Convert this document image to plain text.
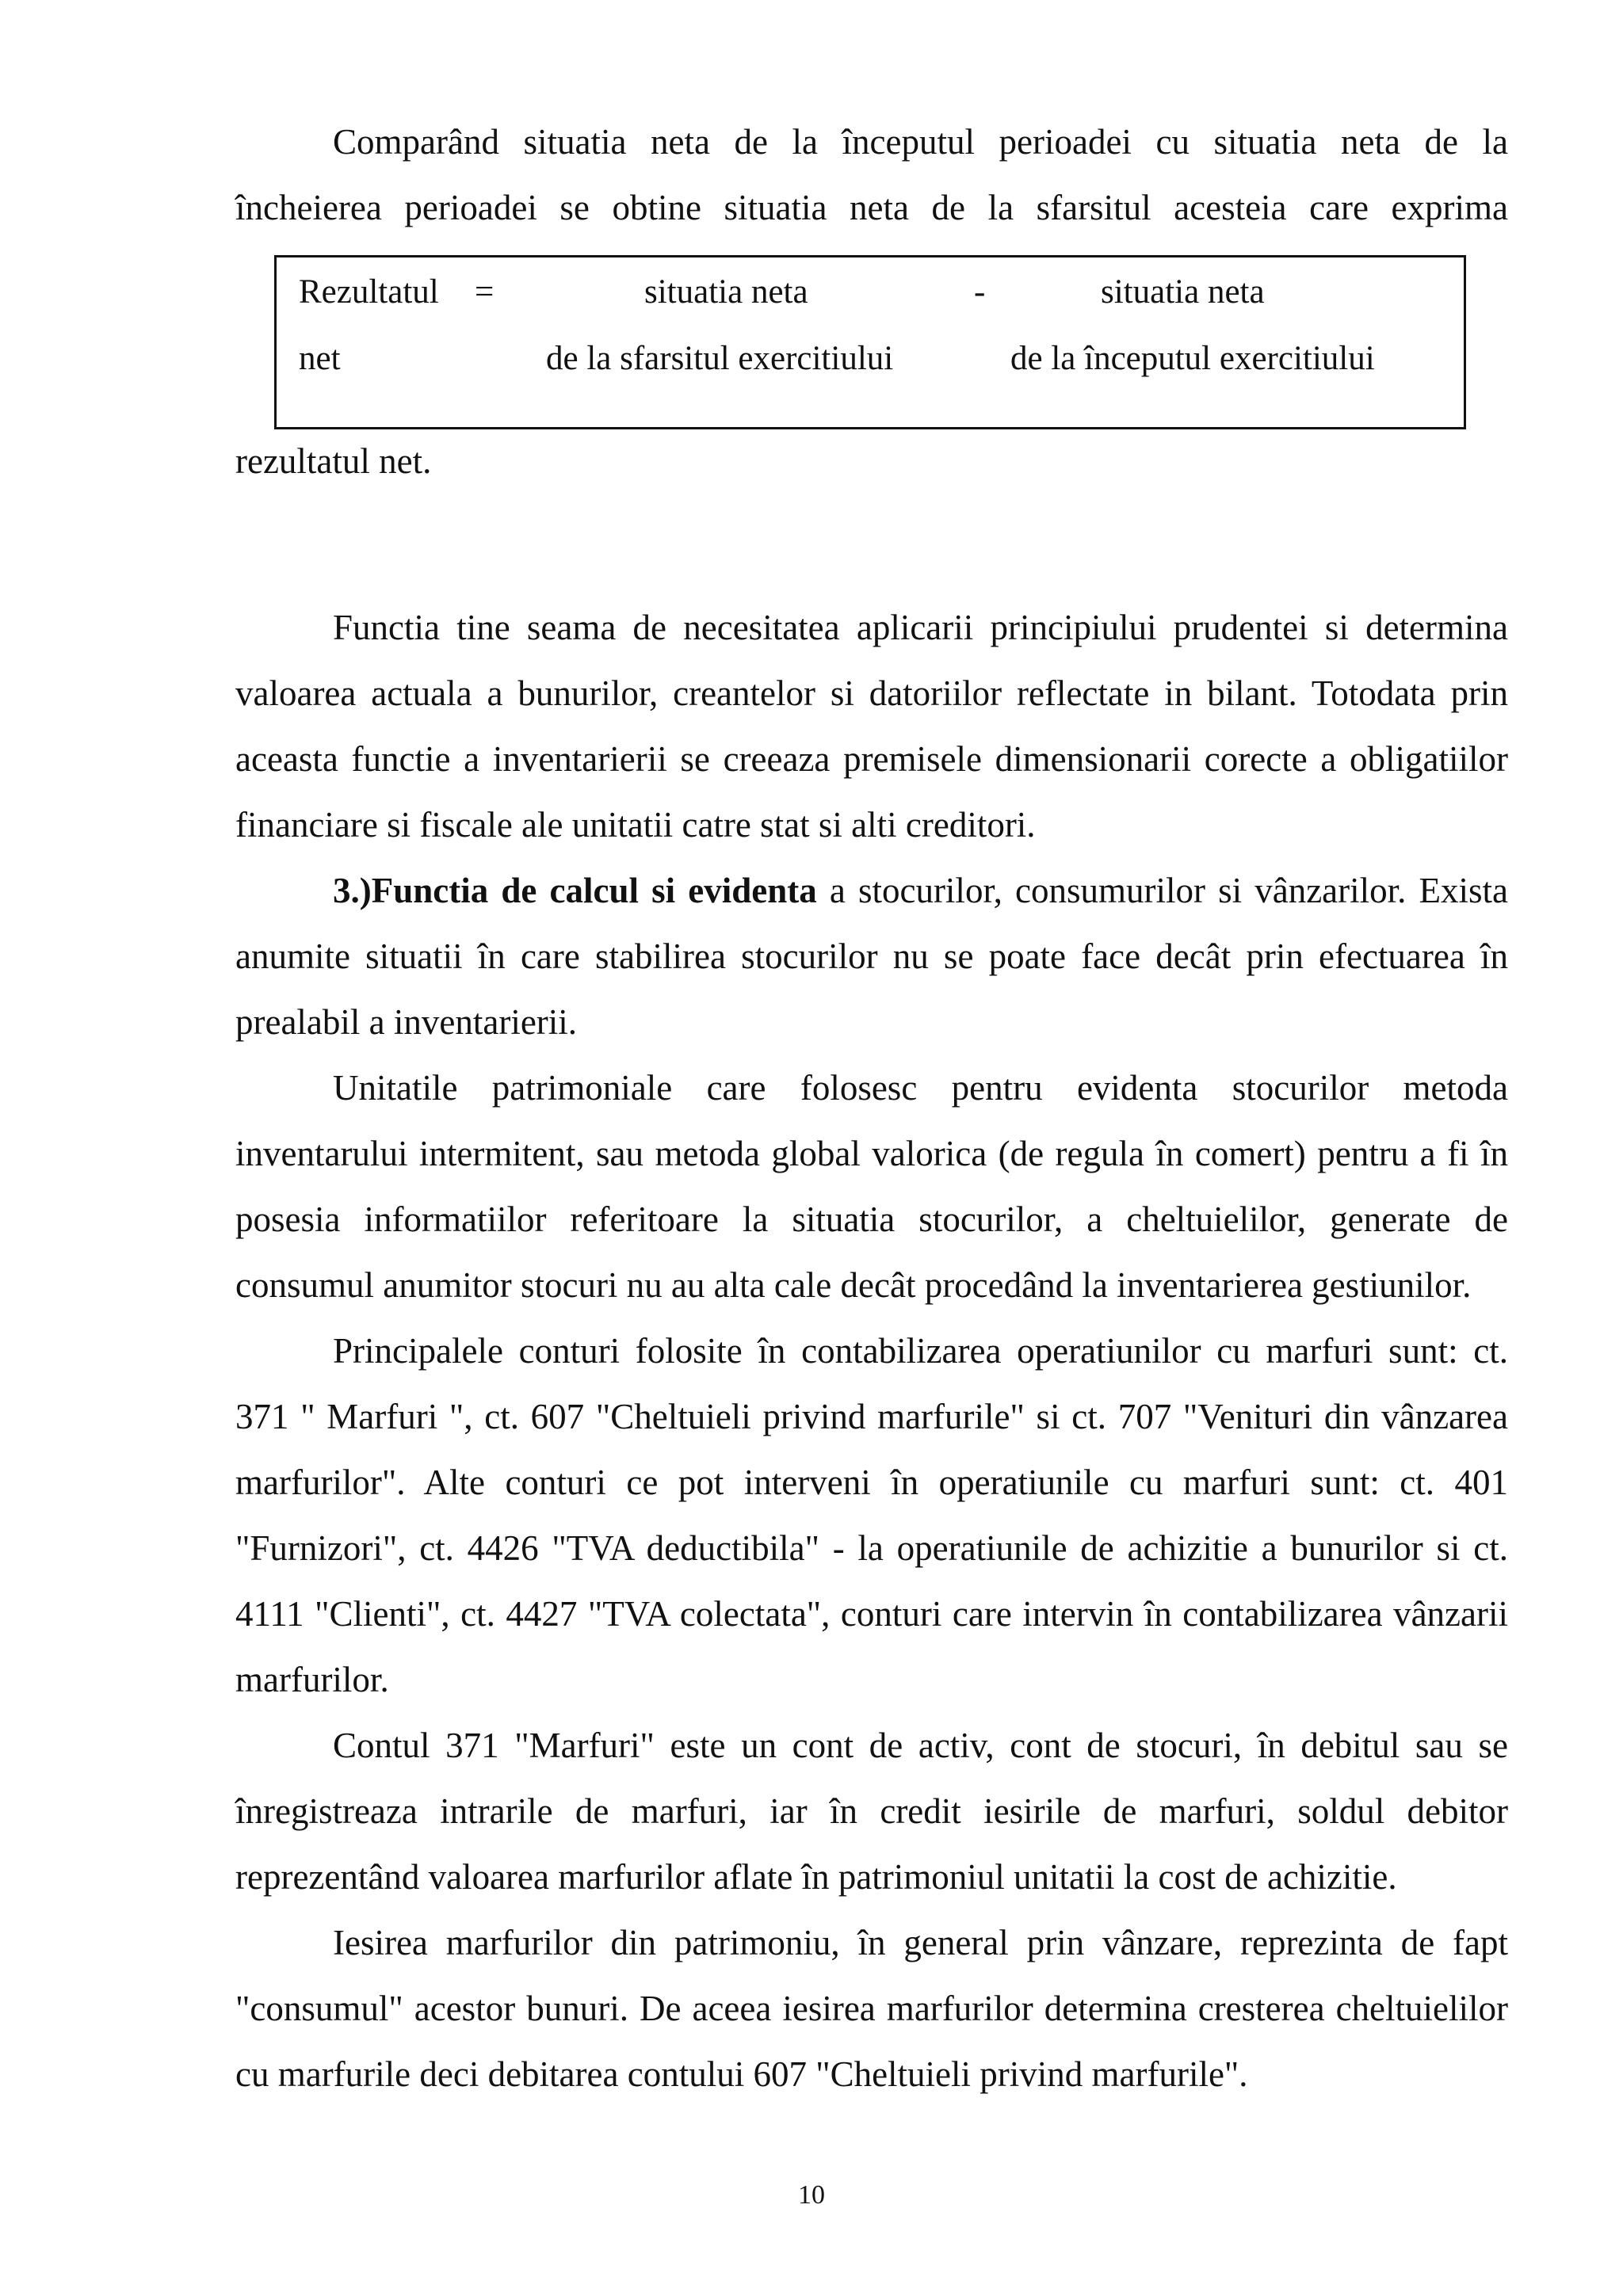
Comparând situatia neta de la începutul perioadei cu situatia neta de la

încheierea perioadei se obtine situatia neta de la sfarsitul acesteia care exprima

Rezultatul =	situatia neta	-	situatia neta
net	de la sfarsitul exercitiului	de la începutul exercitiului

rezultatul net.

Functia tine seama de necesitatea aplicarii principiului prudentei si determina valoarea actuala a bunurilor, creantelor si datoriilor reflectate in bilant. Totodata prin aceasta functie a inventarierii se creeaza premisele dimensionarii corecte a obligatiilor financiare si fiscale ale unitatii catre stat si alti creditori.

3.)Functia de calcul si evidenta a stocurilor, consumurilor si vânzarilor. Exista anumite situatii în care stabilirea stocurilor nu se poate face decât prin efectuarea în prealabil a inventarierii.

Unitatile patrimoniale care folosesc pentru evidenta stocurilor metoda inventarului intermitent, sau metoda global valorica (de regula în comert) pentru a fi în posesia informatiilor referitoare la situatia stocurilor, a cheltuielilor, generate de consumul anumitor stocuri nu au alta cale decât procedând la inventarierea gestiunilor.

Principalele conturi folosite în contabilizarea operatiunilor cu marfuri sunt: ct. 371 " Marfuri ", ct. 607 "Cheltuieli privind marfurile" si ct. 707 "Venituri din vânzarea marfurilor". Alte conturi ce pot interveni în operatiunile cu marfuri sunt: ct. 401 "Furnizori", ct. 4426 "TVA deductibila" - la operatiunile de achizitie a bunurilor si ct. 4111 "Clienti", ct. 4427 "TVA colectata", conturi care intervin în contabilizarea vânzarii marfurilor.

Contul 371 "Marfuri" este un cont de activ, cont de stocuri, în debitul sau se înregistreaza intrarile de marfuri, iar în credit iesirile de marfuri, soldul debitor reprezentând valoarea marfurilor aflate în patrimoniul unitatii la cost de achizitie.

Iesirea marfurilor din patrimoniu, în general prin vânzare, reprezinta de fapt "consumul" acestor bunuri. De aceea iesirea marfurilor determina cresterea cheltuielilor cu marfurile deci debitarea contului 607 "Cheltuieli privind marfurile".

10
